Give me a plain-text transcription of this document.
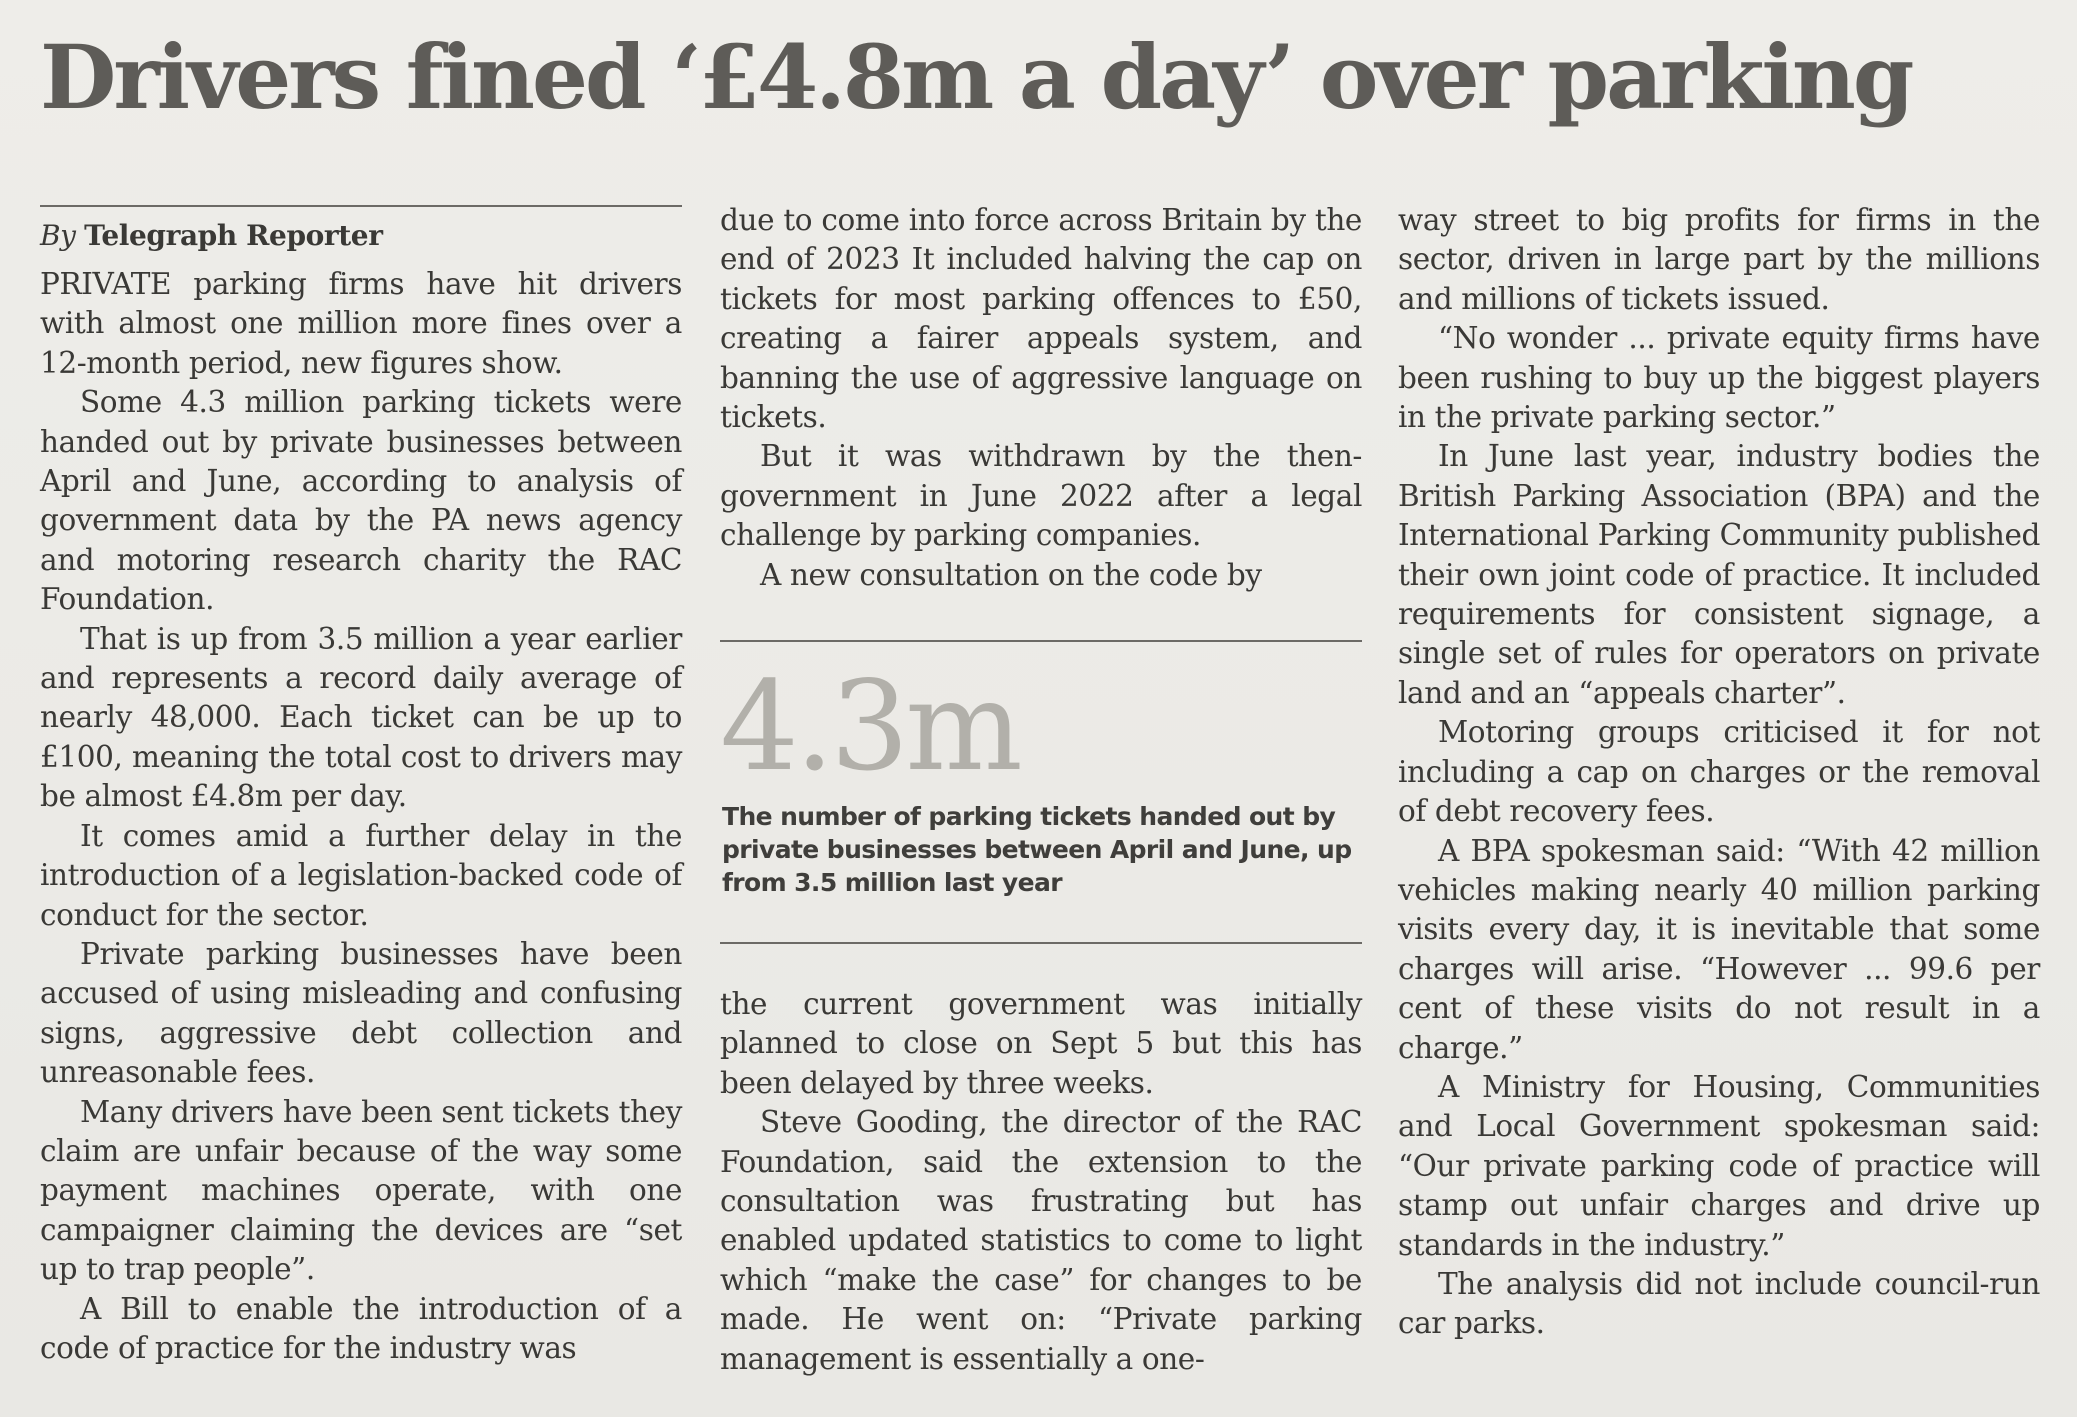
Drivers fined ‘£4.8m a day’ over parking
By Telegraph Reporter

PRIVATE parking firms have hit drivers with almost one million more fines over a 12-month period, new figures show.

Some 4.3 million parking tickets were handed out by private businesses between April and June, according to analysis of government data by the PA news agency and motoring research charity the RAC Foundation.

That is up from 3.5 million a year earlier and represents a record daily average of nearly 48,000. Each ticket can be up to £100, meaning the total cost to drivers may be almost £4.8m per day.

It comes amid a further delay in the introduction of a legislation-backed code of conduct for the sector.

Private parking businesses have been accused of using misleading and confusing signs, aggressive debt collection and unreasonable fees.

Many drivers have been sent tickets they claim are unfair because of the way some payment machines operate, with one campaigner claiming the devices are “set up to trap people”.

A Bill to enable the introduction of a code of practice for the industry was

due to come into force across Britain by the end of 2023 It included halving the cap on tickets for most parking offences to £50, creating a fairer appeals system, and banning the use of aggressive language on tickets.

But it was withdrawn by the then-government in June 2022 after a legal challenge by parking companies.

A new consultation on the code by

4.3m
The number of parking tickets handed out by private businesses between April and June, up from 3.5 million last year

the current government was initially planned to close on Sept 5 but this has been delayed by three weeks.

Steve Gooding, the director of the RAC Foundation, said the extension to the consultation was frustrating but has enabled updated statistics to come to light which “make the case” for changes to be made. He went on: “Private parking management is essentially a one-

way street to big profits for firms in the sector, driven in large part by the millions and millions of tickets issued.

“No wonder ... private equity firms have been rushing to buy up the biggest players in the private parking sector.”

In June last year, industry bodies the British Parking Association (BPA) and the International Parking Community published their own joint code of practice. It included requirements for consistent signage, a single set of rules for operators on private land and an “appeals charter”.

Motoring groups criticised it for not including a cap on charges or the removal of debt recovery fees.

A BPA spokesman said: “With 42 million vehicles making nearly 40 million parking visits every day, it is inevitable that some charges will arise. “However ... 99.6 per cent of these visits do not result in a charge.”

A Ministry for Housing, Communities and Local Government spokesman said: “Our private parking code of practice will stamp out unfair charges and drive up standards in the industry.”

The analysis did not include council-run car parks.
